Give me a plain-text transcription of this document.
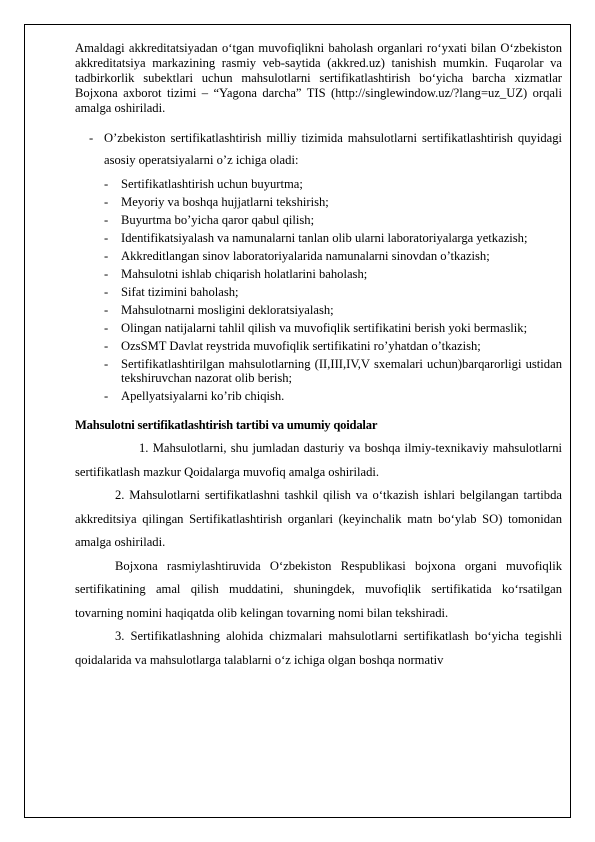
Amaldagi akkreditatsiyadan o‘tgan muvofiqlikni baholash organlari ro‘yxati bilan O‘zbekiston akkreditatsiya markazining rasmiy veb-saytida (akkred.uz) tanishish mumkin. Fuqarolar va tadbirkorlik subektlari uchun mahsulotlarni sertifikatlashtirish bo‘yicha barcha xizmatlar Bojxona axborot tizimi – “Yagona darcha” TIS (http://singlewindow.uz/?lang=uz_UZ) orqali amalga oshiriladi.

- O’zbekiston sertifikatlashtirish milliy tizimida mahsulotlarni sertifikatlashtirish quyidagi asosiy operatsiyalarni o’z ichiga oladi:
-	Sertifikatlashtirish uchun buyurtma;
-	Meyoriy va boshqa hujjatlarni tekshirish;
-	Buyurtma bo’yicha qaror qabul qilish;
-	Identifikatsiyalash va namunalarni tanlan olib ularni laboratoriyalarga yetkazish;
-	Akkreditlangan sinov laboratoriyalarida namunalarni sinovdan o’tkazish;
-	Mahsulotni ishlab chiqarish holatlarini baholash;
-	Sifat tizimini baholash;
-	Mahsulotnarni mosligini dekloratsiyalash;
-	Olingan natijalarni tahlil qilish va muvofiqlik sertifikatini berish yoki bermaslik;
-	OzsSMT Davlat reystrida muvofiqlik sertifikatini ro’yhatdan o’tkazish;
-	Sertifikatlashtirilgan mahsulotlarning (II,III,IV,V sxemalari uchun)barqarorligi ustidan tekshiruvchan nazorat olib berish;
-	Apellyatsiyalarni ko’rib chiqish.
Mahsulotni sertifikatlashtirish tartibi va umumiy qoidalar

1. Mahsulotlarni, shu jumladan dasturiy va boshqa ilmiy-texnikaviy mahsulotlarni sertifikatlash mazkur Qoidalarga muvofiq amalga oshiriladi.

2. Mahsulotlarni sertifikatlashni tashkil qilish va o‘tkazish ishlari belgilangan tartibda akkreditsiya qilingan Sertifikatlashtirish organlari (keyinchalik matn bo‘ylab SO) tomonidan amalga oshiriladi.

Bojxona rasmiylashtiruvida O‘zbekiston Respublikasi bojxona organi muvofiqlik sertifikatining amal qilish muddatini, shuningdek, muvofiqlik sertifikatida ko‘rsatilgan tovarning nomini haqiqatda olib kelingan tovarning nomi bilan tekshiradi.

3. Sertifikatlashning alohida chizmalari mahsulotlarni sertifikatlash bo‘yicha tegishli qoidalarida va mahsulotlarga talablarni o‘z ichiga olgan boshqa normativ
